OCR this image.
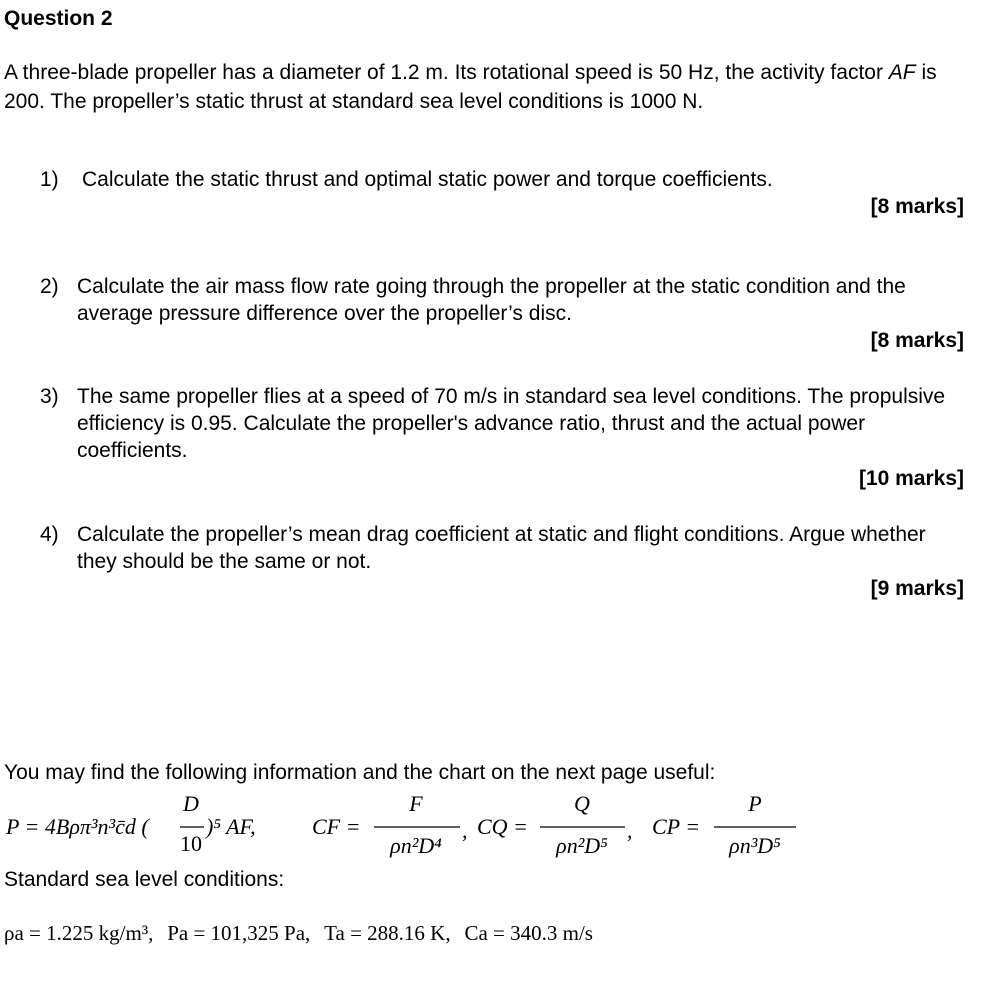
Question 2
A three-blade propeller has a diameter of 1.2 m. Its rotational speed is 50 Hz, the activity factor AF is 200. The propeller’s static thrust at standard sea level conditions is 1000 N.
1) Calculate the static thrust and optimal static power and torque coefficients.
[8 marks]
2) Calculate the air mass flow rate going through the propeller at the static condition and the average pressure difference over the propeller’s disc.
[8 marks]
3) The same propeller flies at a speed of 70 m/s in standard sea level conditions. The propulsive efficiency is 0.95. Calculate the propeller's advance ratio, thrust and the actual power coefficients.
[10 marks]
4) Calculate the propeller’s mean drag coefficient at static and flight conditions. Argue whether they should be the same or not.
[9 marks]
You may find the following information and the chart on the next page useful:
P = 4Bρπ³n³c̄d (
D
10
)⁵ AF,	CF =
F
ρn²D⁴
, CQ =
Q
ρn²D⁵
, CP =
P
ρn³D⁵
Standard sea level conditions:
ρa = 1.225 kg/m³, Pa = 101,325 Pa, Ta = 288.16 K, Ca = 340.3 m/s
